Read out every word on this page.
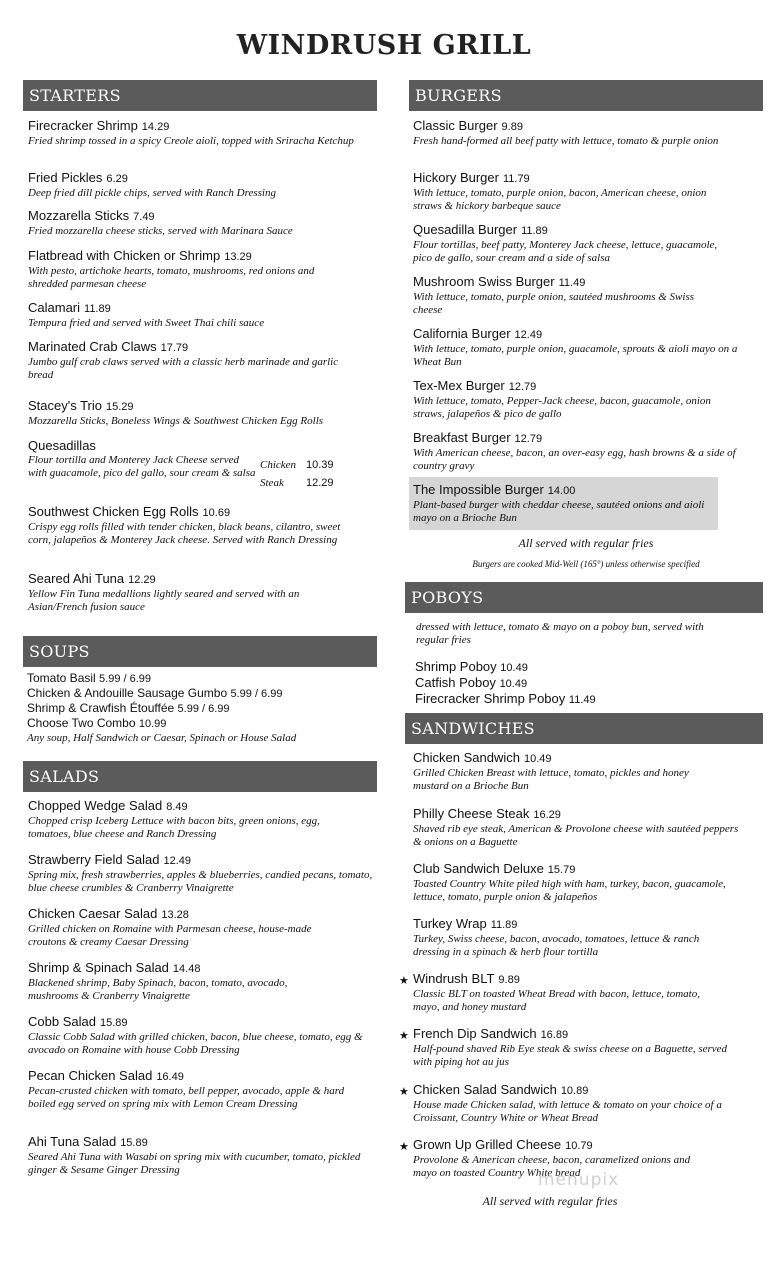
WINDRUSH GRILL
STARTERS
Firecracker Shrimp 14.29
Fried shrimp tossed in a spicy Creole aioli, topped with Sriracha Ketchup
Fried Pickles 6.29
Deep fried dill pickle chips, served with Ranch Dressing
Mozzarella Sticks 7.49
Fried mozzarella cheese sticks, served with Marinara Sauce
Flatbread with Chicken or Shrimp 13.29
With pesto, artichoke hearts, tomato, mushrooms, red onions and shredded parmesan cheese
Calamari 11.89
Tempura fried and served with Sweet Thai chili sauce
Marinated Crab Claws 17.79
Jumbo gulf crab claws served with a classic herb marinade and garlic bread
Stacey's Trio 15.29
Mozzarella Sticks, Boneless Wings & Southwest Chicken Egg Rolls
Quesadillas
Flour tortilla and Monterey Jack Cheese served with guacamole, pico del gallo, sour cream & salsa
Chicken 10.39
Steak 12.29
Southwest Chicken Egg Rolls 10.69
Crispy egg rolls filled with tender chicken, black beans, cilantro, sweet corn, jalapeños & Monterey Jack cheese. Served with Ranch Dressing
Seared Ahi Tuna 12.29
Yellow Fin Tuna medallions lightly seared and served with an Asian/French fusion sauce
SOUPS
Tomato Basil 5.99 / 6.99
Chicken & Andouille Sausage Gumbo 5.99 / 6.99
Shrimp & Crawfish Étouffée 5.99 / 6.99
Choose Two Combo 10.99
Any soup, Half Sandwich or Caesar, Spinach or House Salad
SALADS
Chopped Wedge Salad 8.49
Chopped crisp Iceberg Lettuce with bacon bits, green onions, egg, tomatoes, blue cheese and Ranch Dressing
Strawberry Field Salad 12.49
Spring mix, fresh strawberries, apples & blueberries, candied pecans, tomato, blue cheese crumbles & Cranberry Vinaigrette
Chicken Caesar Salad 13.28
Grilled chicken on Romaine with Parmesan cheese, house-made croutons & creamy Caesar Dressing
Shrimp & Spinach Salad 14.48
Blackened shrimp, Baby Spinach, bacon, tomato, avocado, mushrooms & Cranberry Vinaigrette
Cobb Salad 15.89
Classic Cobb Salad with grilled chicken, bacon, blue cheese, tomato, egg & avocado on Romaine with house Cobb Dressing
Pecan Chicken Salad 16.49
Pecan-crusted chicken with tomato, bell pepper, avocado, apple & hard boiled egg served on spring mix with Lemon Cream Dressing
Ahi Tuna Salad 15.89
Seared Ahi Tuna with Wasabi on spring mix with cucumber, tomato, pickled ginger & Sesame Ginger Dressing
BURGERS
Classic Burger 9.89
Fresh hand-formed all beef patty with lettuce, tomato & purple onion
Hickory Burger 11.79
With lettuce, tomato, purple onion, bacon, American cheese, onion straws & hickory barbeque sauce
Quesadilla Burger 11.89
Flour tortillas, beef patty, Monterey Jack cheese, lettuce, guacamole, pico de gallo, sour cream and a side of salsa
Mushroom Swiss Burger 11.49
With lettuce, tomato, purple onion, sautéed mushrooms & Swiss cheese
California Burger 12.49
With lettuce, tomato, purple onion, guacamole, sprouts & aioli mayo on a Wheat Bun
Tex-Mex Burger 12.79
With lettuce, tomato, Pepper-Jack cheese, bacon, guacamole, onion straws, jalapeños & pico de gallo
Breakfast Burger 12.79
With American cheese, bacon, an over-easy egg, hash browns & a side of country gravy
The Impossible Burger 14.00
Plant-based burger with cheddar cheese, sautéed onions and aioli mayo on a Brioche Bun
All served with regular fries
Burgers are cooked Mid-Well (165°) unless otherwise specified
POBOYS
dressed with lettuce, tomato & mayo on a poboy bun, served with regular fries
Shrimp Poboy 10.49
Catfish Poboy 10.49
Firecracker Shrimp Poboy 11.49
SANDWICHES
Chicken Sandwich 10.49
Grilled Chicken Breast with lettuce, tomato, pickles and honey mustard on a Brioche Bun
Philly Cheese Steak 16.29
Shaved rib eye steak, American & Provolone cheese with sautéed peppers & onions on a Baguette
Club Sandwich Deluxe 15.79
Toasted Country White piled high with ham, turkey, bacon, guacamole, lettuce, tomato, purple onion & jalapeños
Turkey Wrap 11.89
Turkey, Swiss cheese, bacon, avocado, tomatoes, lettuce & ranch dressing in a spinach & herb flour tortilla
★ Windrush BLT 9.89
Classic BLT on toasted Wheat Bread with bacon, lettuce, tomato, mayo, and honey mustard
★ French Dip Sandwich 16.89
Half-pound shaved Rib Eye steak & swiss cheese on a Baguette, served with piping hot au jus
★ Chicken Salad Sandwich 10.89
House made Chicken salad, with lettuce & tomato on your choice of a Croissant, Country White or Wheat Bread
★ Grown Up Grilled Cheese 10.79
Provolone & American cheese, bacon, caramelized onions and mayo on toasted Country White bread
menupix
All served with regular fries
